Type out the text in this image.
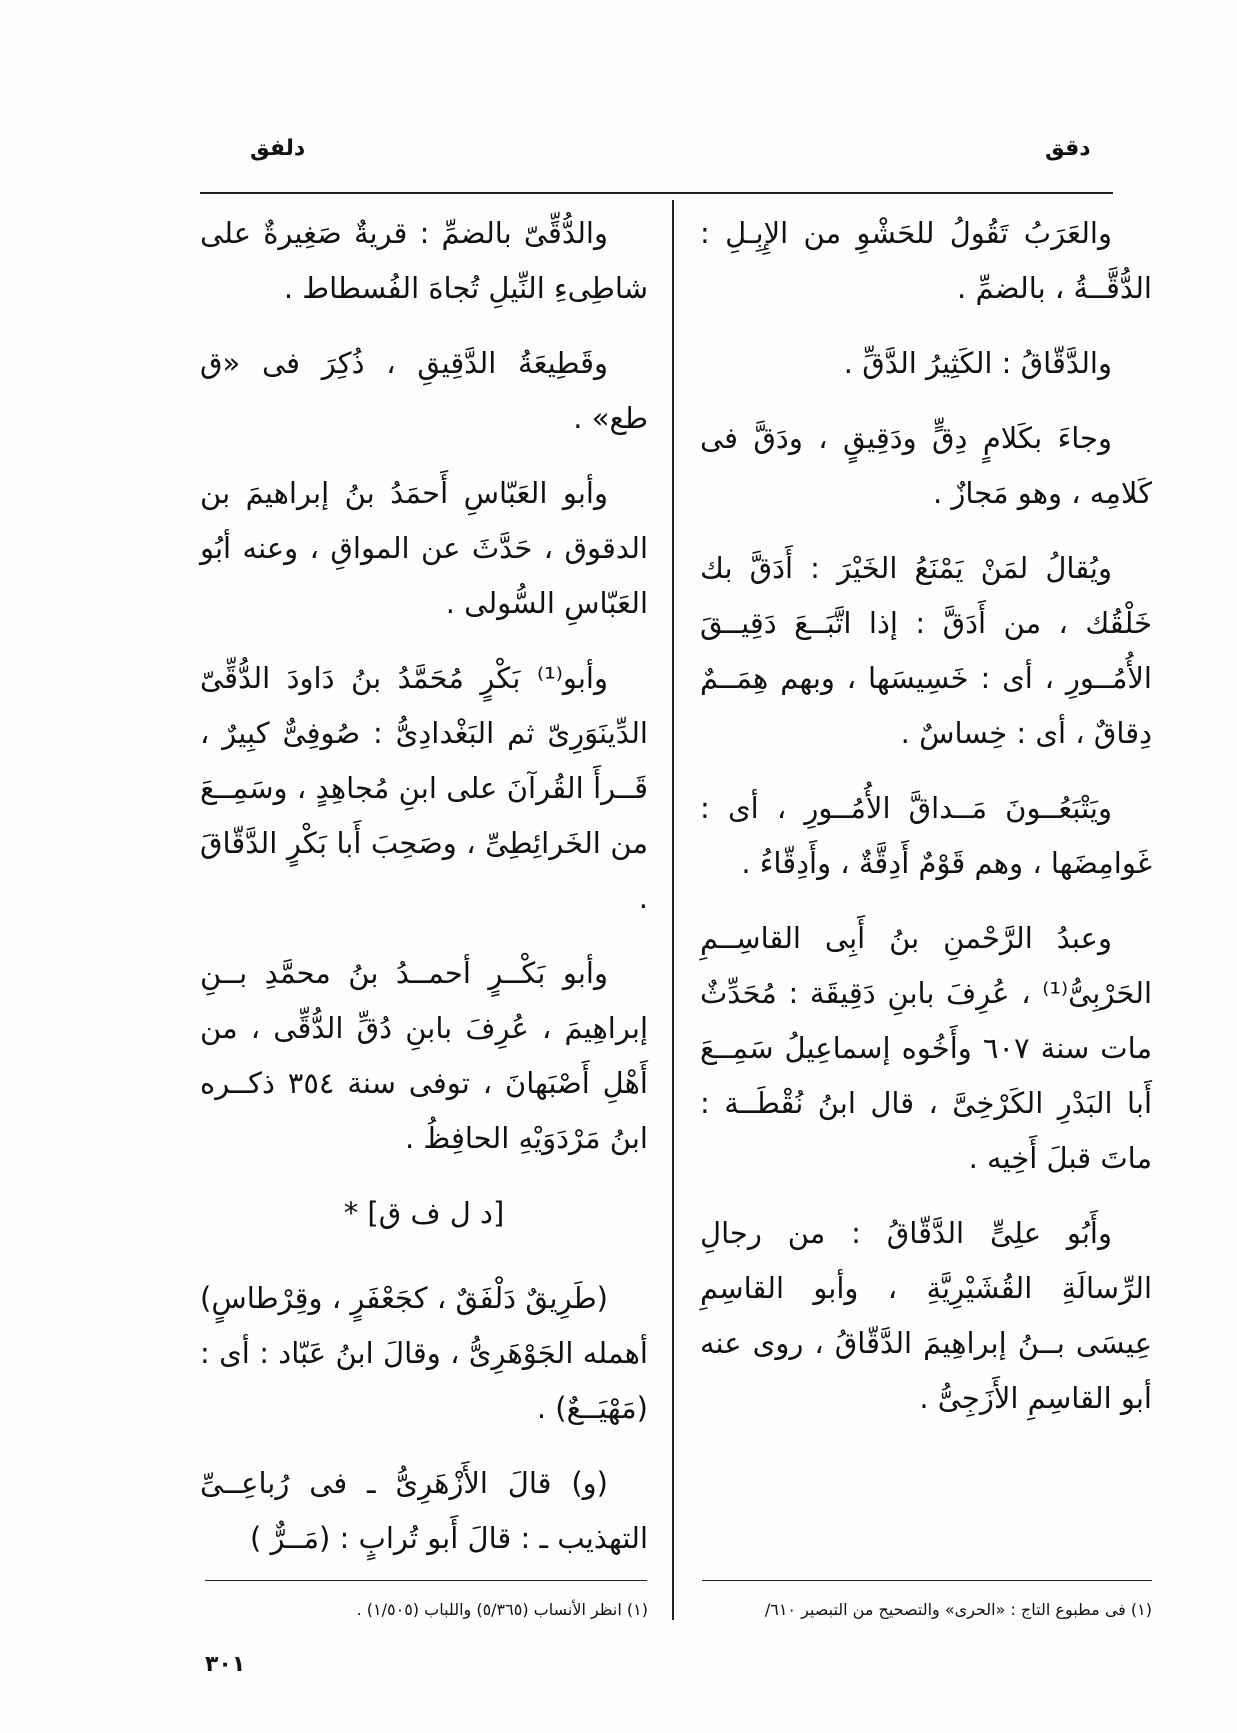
دقق
دلفق

والعَرَبُ تَقُولُ للحَشْوِ من الإِبِـلِ : الدُّقَّــةُ ، بالضمِّ .

والدَّقّاقُ : الكَثِيرُ الدَّقِّ .

وجاءَ بكَلامٍ دِقٍّ ودَقِيقٍ ، ودَقَّ فى كَلامِه ، وهو مَجازٌ .

ويُقالُ لمَنْ يَمْنَعُ الخَيْرَ : أَدَقَّ بك خَلْقُك ، من أَدَقَّ : إذا اتَّبَــعَ دَقِيــقَ الأُمُــورِ ، أى : خَسِيسَها ، وبهم هِمَــمٌ دِقاقٌ ، أى : خِساسٌ .

ويَتْبَعُــونَ مَــداقَّ الأُمُــورِ ، أى : غَوامِضَها ، وهم قَوْمٌ أَدِقَّةٌ ، وأَدِقّاءُ .

وعبدُ الرَّحْمنِ بنُ أَبِى القاسِــمِ الحَرْبِىُّ⁽¹⁾ ، عُرِفَ بابنِ دَقِيقَة : مُحَدِّثٌ مات سنة ٦٠٧ وأَخُوه إسماعِيلُ سَمِــعَ أَبا البَدْرِ الكَرْخِىَّ ، قال ابنُ نُقْطَــة : ماتَ قبلَ أَخِيه .

وأَبُو علِىٍّ الدَّقّاقُ : من رجالِ الرِّسالَةِ القُشَيْرِيَّةِ ، وأبو القاسِمِ عِيسَى بــنُ إبراهِيمَ الدَّقّاقُ ، روى عنه أبو القاسِمِ الأَزَجِىُّ .

والدُّقِّىّ بالضمِّ : قريةٌ صَغِيرةٌ على شاطِىءِ النِّيلِ تُجاهَ الفُسطاط .

وقَطِيعَةُ الدَّقِيقِ ، ذُكِرَ فى «ق طع» .

وأبو العَبّاسِ أَحمَدُ بنُ إبراهيمَ بن الدقوق ، حَدَّثَ عن المواقِ ، وعنه أبُو العَبّاسِ السُّولى .

وأبو⁽¹⁾ بَكْرٍ مُحَمَّدُ بنُ دَاودَ الدُّقِّىّ الدِّينَوَرِىّ ثم البَغْدادِىُّ : صُوفِىٌّ كبِيرٌ ، قَــرأَ القُرآنَ على ابنِ مُجاهِدٍ ، وسَمِــعَ من الخَرائِطِىِّ ، وصَحِبَ أَبا بَكْرٍ الدَّقّاقَ .

وأبو بَكْــرٍ أحمــدُ بنُ محمَّدِ بــنِ إبراهِيمَ ، عُرِفَ بابنِ دُقِّ الدُّقِّى ، من أَهْلِ أَصْبَهانَ ، توفى سنة ٣٥٤ ذكــره ابنُ مَرْدَوَيْهِ الحافِظُ .

[د ل ف ق] *

(طَرِيقٌ دَلْفَقٌ ، كجَعْفَرٍ ، وقِرْطاسٍ) أهمله الجَوْهَرِىُّ ، وقالَ ابنُ عَبّاد : أى : (مَهْيَــعٌ) .

(و) قالَ الأَزْهَرِىُّ ـ فى رُباعِــىِّ التهذيب ـ : قالَ أَبو تُرابٍ : (مَــرٌّ )

(١) فى مطبوع التاج : «الحرى» والتصحيح من التبصير ٦١٠/
(١) انظر الأنساب (٥/٣٦٥) واللباب (١/٥٠٥) .
٣٠١
